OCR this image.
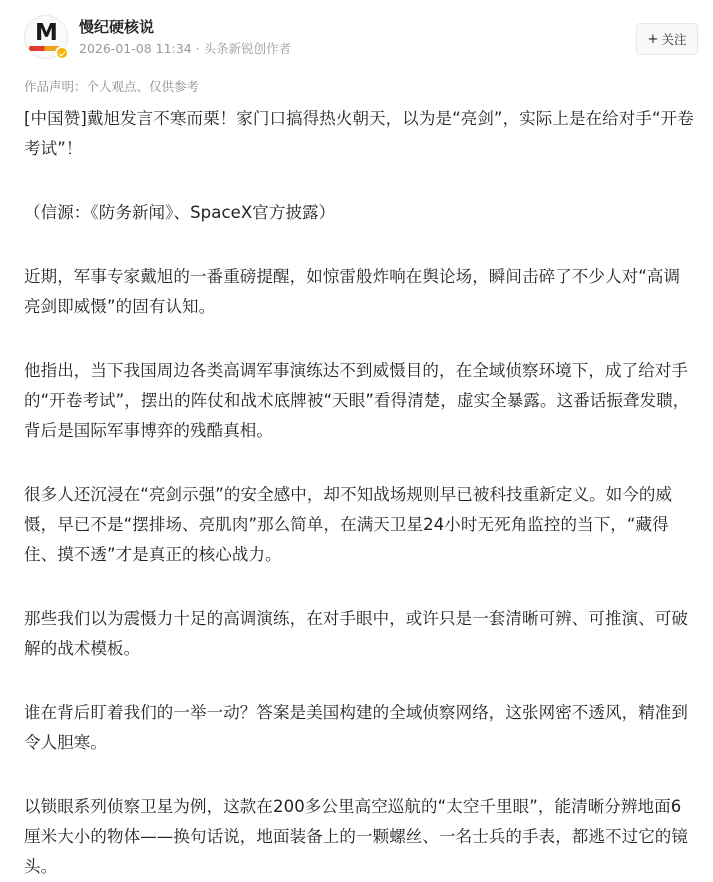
M	慢纪硬核说
2026-01-08 11:34 · 头条新锐创作者
+ 关注
作品声明：个人观点、仅供参考

[中国赞]戴旭发言不寒而栗！家门口搞得热火朝天，以为是“亮剑”，实际上是在给对手“开卷考试”！

（信源：《防务新闻》、SpaceX官方披露）

近期，军事专家戴旭的一番重磅提醒，如惊雷般炸响在舆论场，瞬间击碎了不少人对“高调亮剑即威慑”的固有认知。

他指出，当下我国周边各类高调军事演练达不到威慑目的，在全域侦察环境下，成了给对手的“开卷考试”，摆出的阵仗和战术底牌被“天眼”看得清楚，虚实全暴露。这番话振聋发聩，背后是国际军事博弈的残酷真相。

很多人还沉浸在“亮剑示强”的安全感中，却不知战场规则早已被科技重新定义。如今的威慑，早已不是“摆排场、亮肌肉”那么简单，在满天卫星24小时无死角监控的当下，“藏得住、摸不透”才是真正的核心战力。

那些我们以为震慑力十足的高调演练，在对手眼中，或许只是一套清晰可辨、可推演、可破解的战术模板。

谁在背后盯着我们的一举一动？答案是美国构建的全域侦察网络，这张网密不透风，精准到令人胆寒。

以锁眼系列侦察卫星为例，这款在200多公里高空巡航的“太空千里眼”，能清晰分辨地面6厘米大小的物体——换句话说，地面装备上的一颗螺丝、一名士兵的手表，都逃不过它的镜头。
